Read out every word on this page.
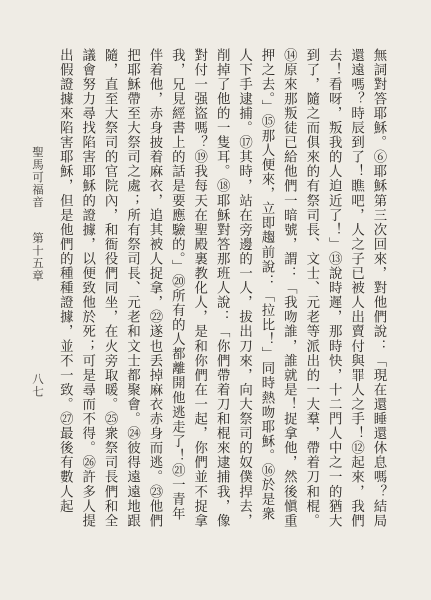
無詞對答耶穌。⑥耶穌第三次回來，對他們說：「現在還睡還休息嗎？結局還遠嗎？時辰到了！瞧吧，人之子已被人出賣付與罪人之手！⑫起來，我們去！看呀，叛我的人迫近了！」⑬說時遲，那時快，十二門人中之一的猶大到了，隨之而俱來的有祭司長、文士、元老等派出的一大羣，帶着刀和棍。⑭原來那叛徒已給他們一暗號，謂：「我吻誰，誰就是！捉拿他，然後愼重押之去。」⑮那人便來，立即趨前說：「拉比！」同時熱吻耶穌。⑯於是衆人下手逮捕。⑰其時，站在旁邊的一人，拔出刀來，向大祭司的奴僕捍去，削掉了他的一隻耳。⑱耶穌對答那班人說：「你們帶着刀和棍來逮捕我，像對付一强盜嗎？⑲我每天在聖殿裏教化人，是和你們在一起，你們並不捉拿我，兄見經書上的話是要應驗的。」⑳所有的人都離開他逃走了！㉑一青年伴着他，赤身披着麻衣，追其被人捉拿，㉒遂也丢掉麻衣赤身而逃。㉓他們把耶穌帶至大祭司之處；所有祭司長、元老和文士都聚會。㉔彼得遠遠地跟隨，直至大祭司的官院內，和衙役們同坐，在火旁取暖。㉕衆祭司長們和全議會努力尋找陷害耶穌的證據，以便致他於死；可是尋而不得。㉖許多人提出假證據來陷害耶穌，但是他們的種種證據，並不一致。㉗最後有數人起

聖馬可福音
第十五章
八七
